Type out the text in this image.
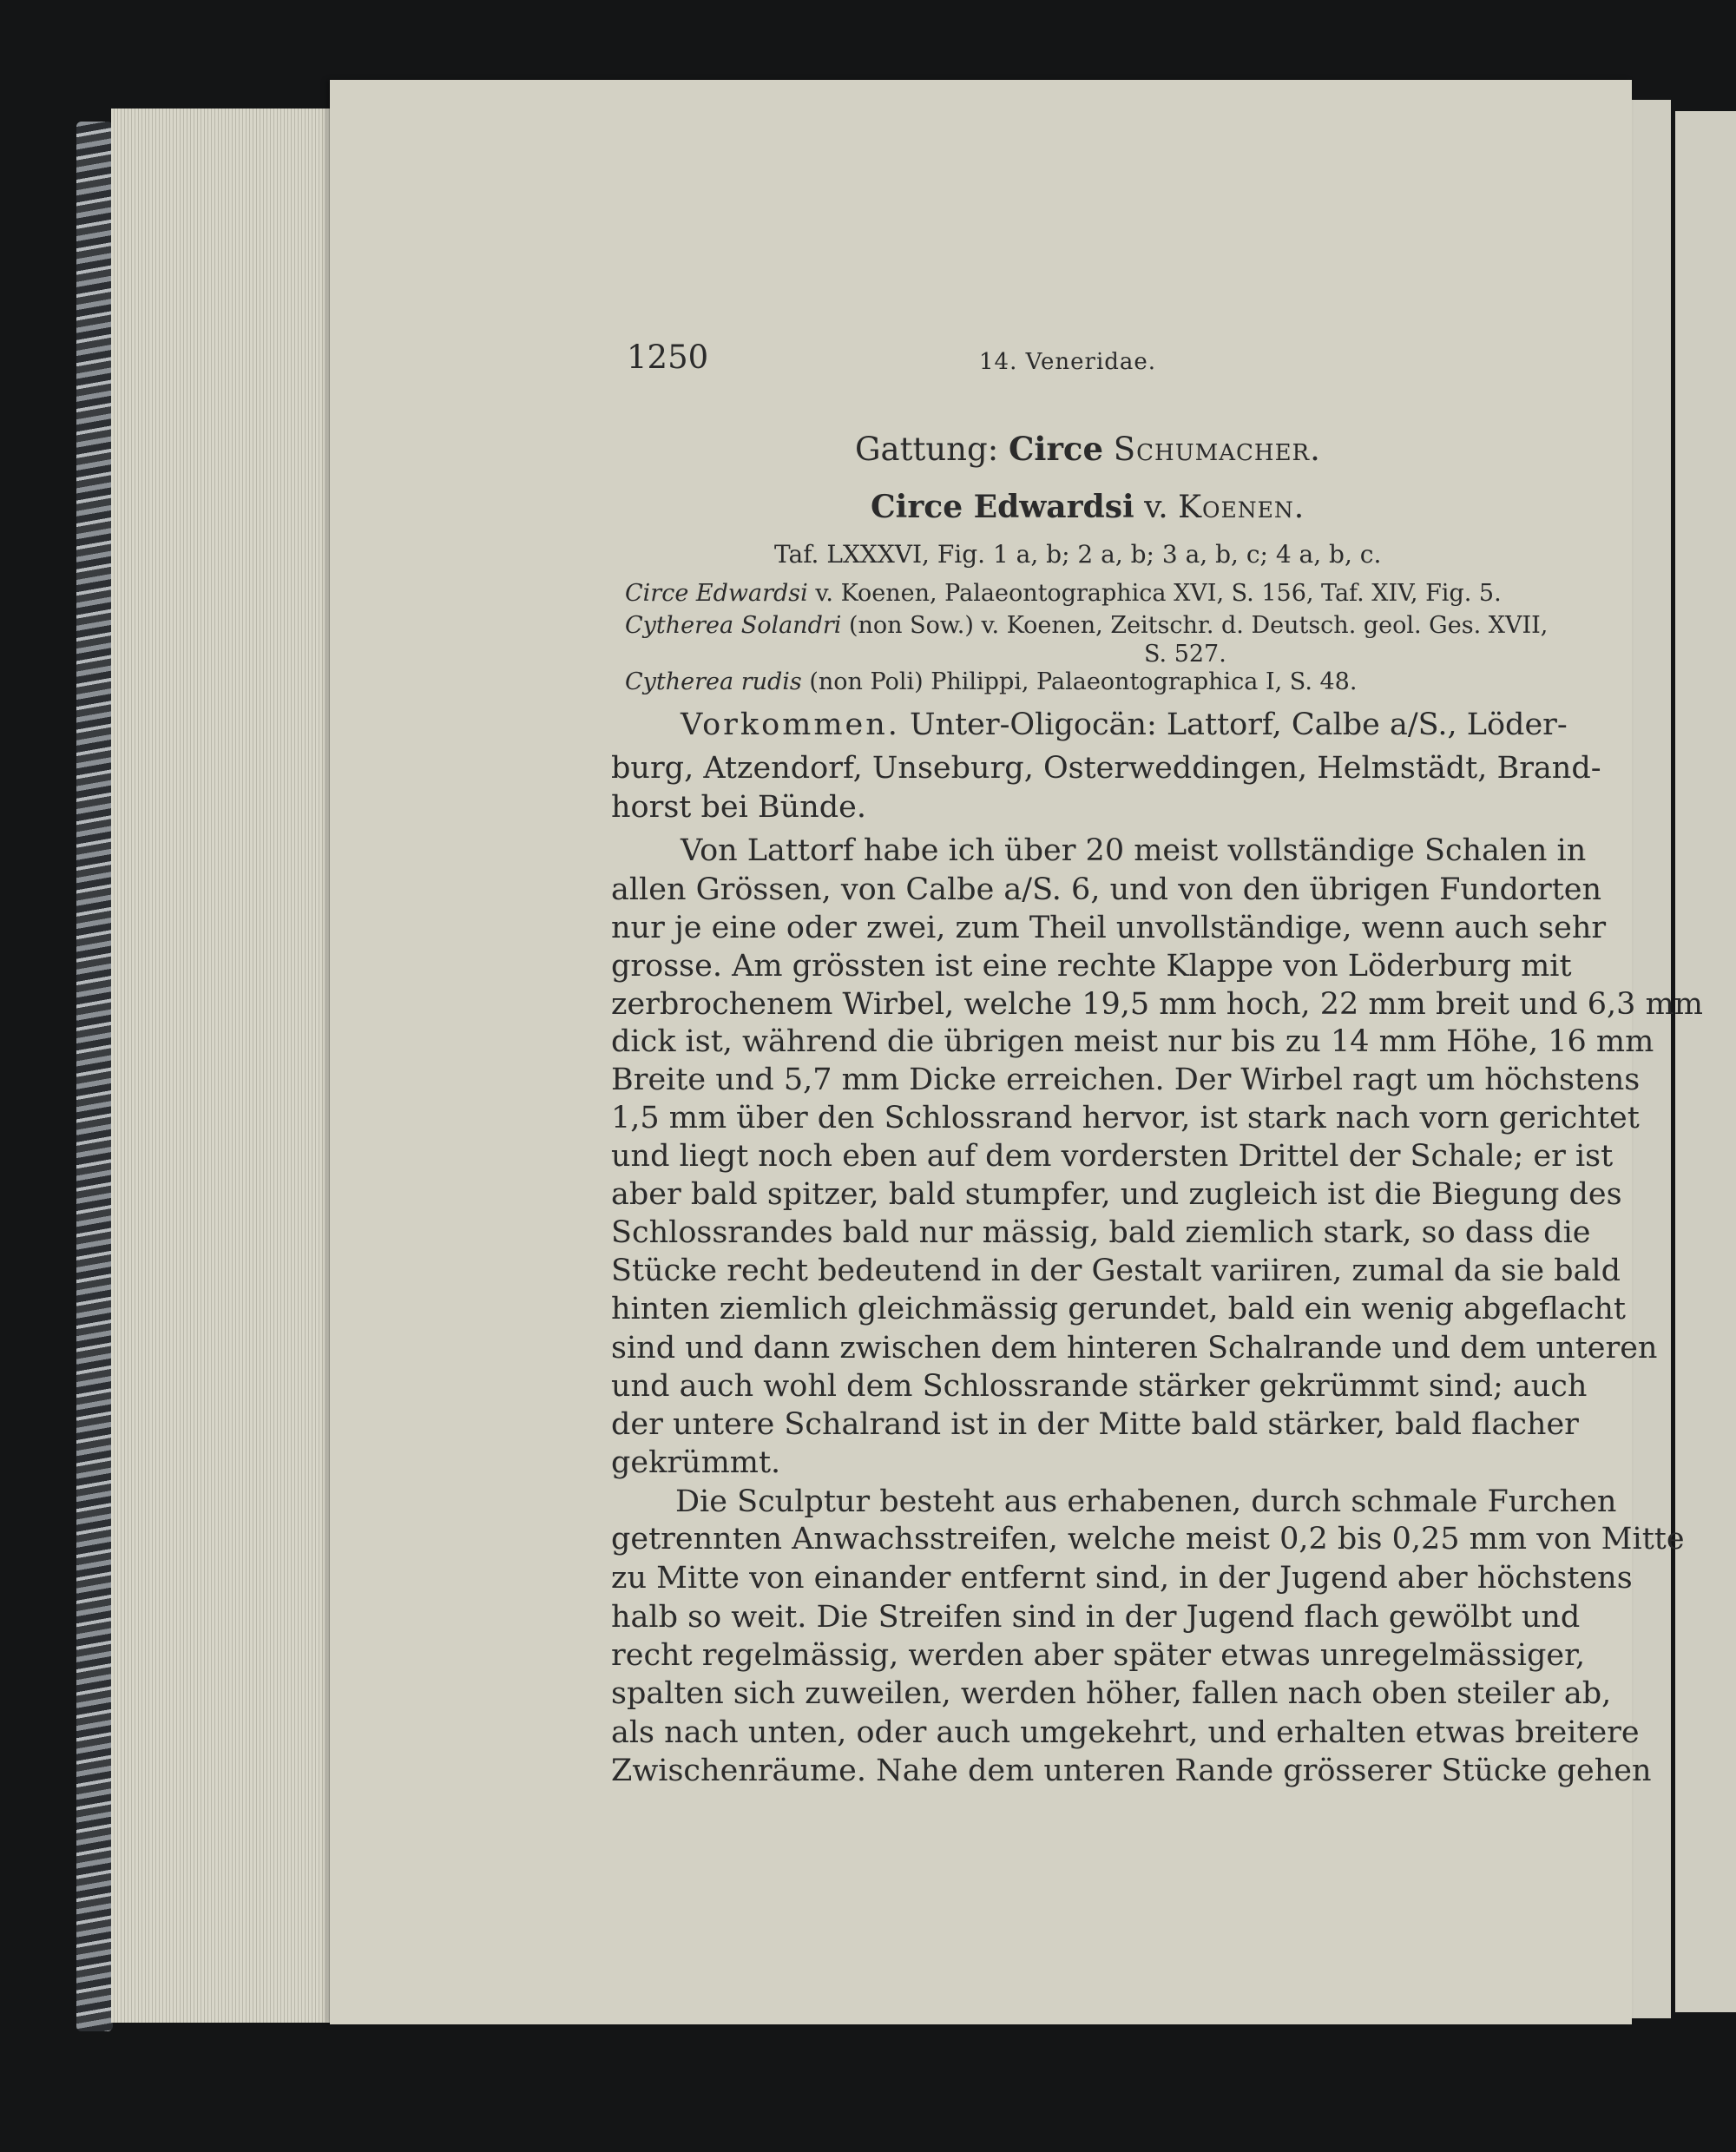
1250	14. Veneridae.
Gattung: Circe Schumacher.
Circe Edwardsi v. Koenen.
Taf. LXXXVI, Fig. 1 a, b; 2 a, b; 3 a, b, c; 4 a, b, c.
Circe Edwardsi v. Koenen, Palaeontographica XVI, S. 156, Taf. XIV, Fig. 5.
Cytherea Solandri (non Sow.) v. Koenen, Zeitschr. d. Deutsch. geol. Ges. XVII,
S. 527.
Cytherea rudis (non Poli) Philippi, Palaeontographica I, S. 48.
Vorkommen. Unter-Oligocän: Lattorf, Calbe a/S., Löder-
burg, Atzendorf, Unseburg, Osterweddingen, Helmstädt, Brand-
horst bei Bünde.
Von Lattorf habe ich über 20 meist vollständige Schalen in
allen Grössen, von Calbe a/S. 6, und von den übrigen Fundorten
nur je eine oder zwei, zum Theil unvollständige, wenn auch sehr
grosse. Am grössten ist eine rechte Klappe von Löderburg mit
zerbrochenem Wirbel, welche 19,5 mm hoch, 22 mm breit und 6,3 mm
dick ist, während die übrigen meist nur bis zu 14 mm Höhe, 16 mm
Breite und 5,7 mm Dicke erreichen. Der Wirbel ragt um höchstens
1,5 mm über den Schlossrand hervor, ist stark nach vorn gerichtet
und liegt noch eben auf dem vordersten Drittel der Schale; er ist
aber bald spitzer, bald stumpfer, und zugleich ist die Biegung des
Schlossrandes bald nur mässig, bald ziemlich stark, so dass die
Stücke recht bedeutend in der Gestalt variiren, zumal da sie bald
hinten ziemlich gleichmässig gerundet, bald ein wenig abgeflacht
sind und dann zwischen dem hinteren Schalrande und dem unteren
und auch wohl dem Schlossrande stärker gekrümmt sind; auch
der untere Schalrand ist in der Mitte bald stärker, bald flacher
gekrümmt.
Die Sculptur besteht aus erhabenen, durch schmale Furchen
getrennten Anwachsstreifen, welche meist 0,2 bis 0,25 mm von Mitte
zu Mitte von einander entfernt sind, in der Jugend aber höchstens
halb so weit. Die Streifen sind in der Jugend flach gewölbt und
recht regelmässig, werden aber später etwas unregelmässiger,
spalten sich zuweilen, werden höher, fallen nach oben steiler ab,
als nach unten, oder auch umgekehrt, und erhalten etwas breitere
Zwischenräume. Nahe dem unteren Rande grösserer Stücke gehen
